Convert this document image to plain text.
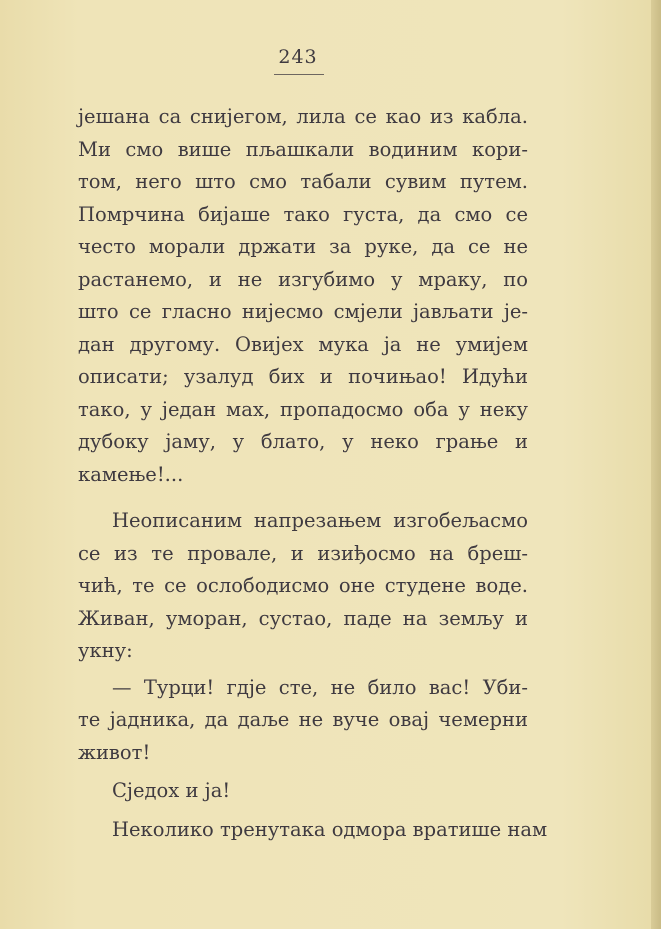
243
јешана са снијегом, лила се као из кабла.
Ми смо више пљашкали водиним кори-
том, него што смо табали сувим путем.
Помрчина бијаше тако густа, да смо се
често морали држати за руке, да се не
растанемо, и не изгубимо у мраку, по
што се гласно нијесмо смјели јављати је-
дан другому. Овијех мука ја не умијем
описати; узалуд бих и почињао! Идући
тако, у један мах, пропадосмо оба у неку
дубоку јаму, у блато, у неко грање и
камење!...
Неописаним напрезањем изгобељасмо
се из те провале, и изиђосмо на бреш-
чић, те се ослободисмо оне студене воде.
Живан, уморан, сустао, паде на земљу и
укну:
— Турци! гдје сте, не било вас! Уби-
те јадника, да даље не вуче овај чемерни
живот!
Сједох и ја!
Неколико тренутака одмора вратише нам
